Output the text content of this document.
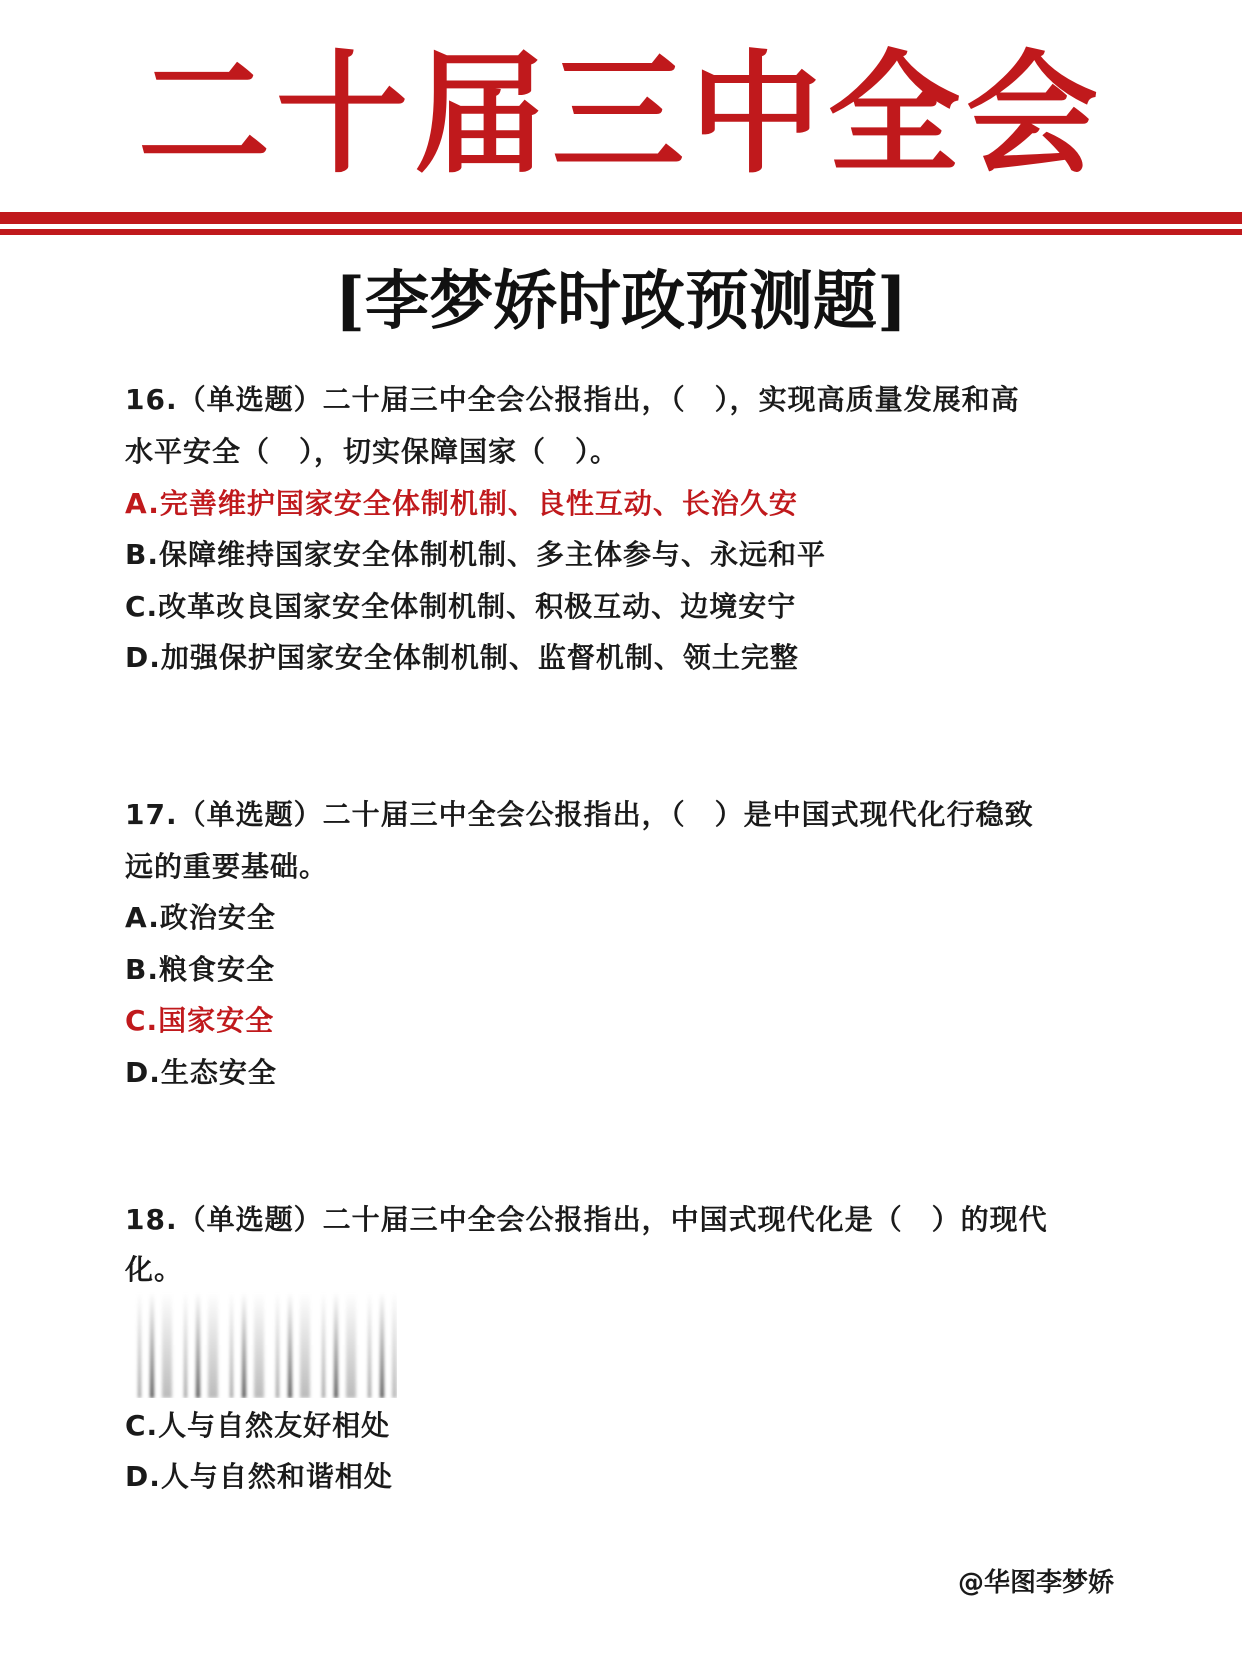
二十届三中全会
[李梦娇时政预测题]
16.（单选题）二十届三中全会公报指出，（　），实现高质量发展和高
水平安全（　），切实保障国家（　）。
A.完善维护国家安全体制机制、良性互动、长治久安
B.保障维持国家安全体制机制、多主体参与、永远和平
C.改革改良国家安全体制机制、积极互动、边境安宁
D.加强保护国家安全体制机制、监督机制、领土完整
17.（单选题）二十届三中全会公报指出，（　）是中国式现代化行稳致
远的重要基础。
A.政治安全
B.粮食安全
C.国家安全
D.生态安全
18.（单选题）二十届三中全会公报指出，中国式现代化是（　）的现代
化。
C.人与自然友好相处
D.人与自然和谐相处
@华图李梦娇
